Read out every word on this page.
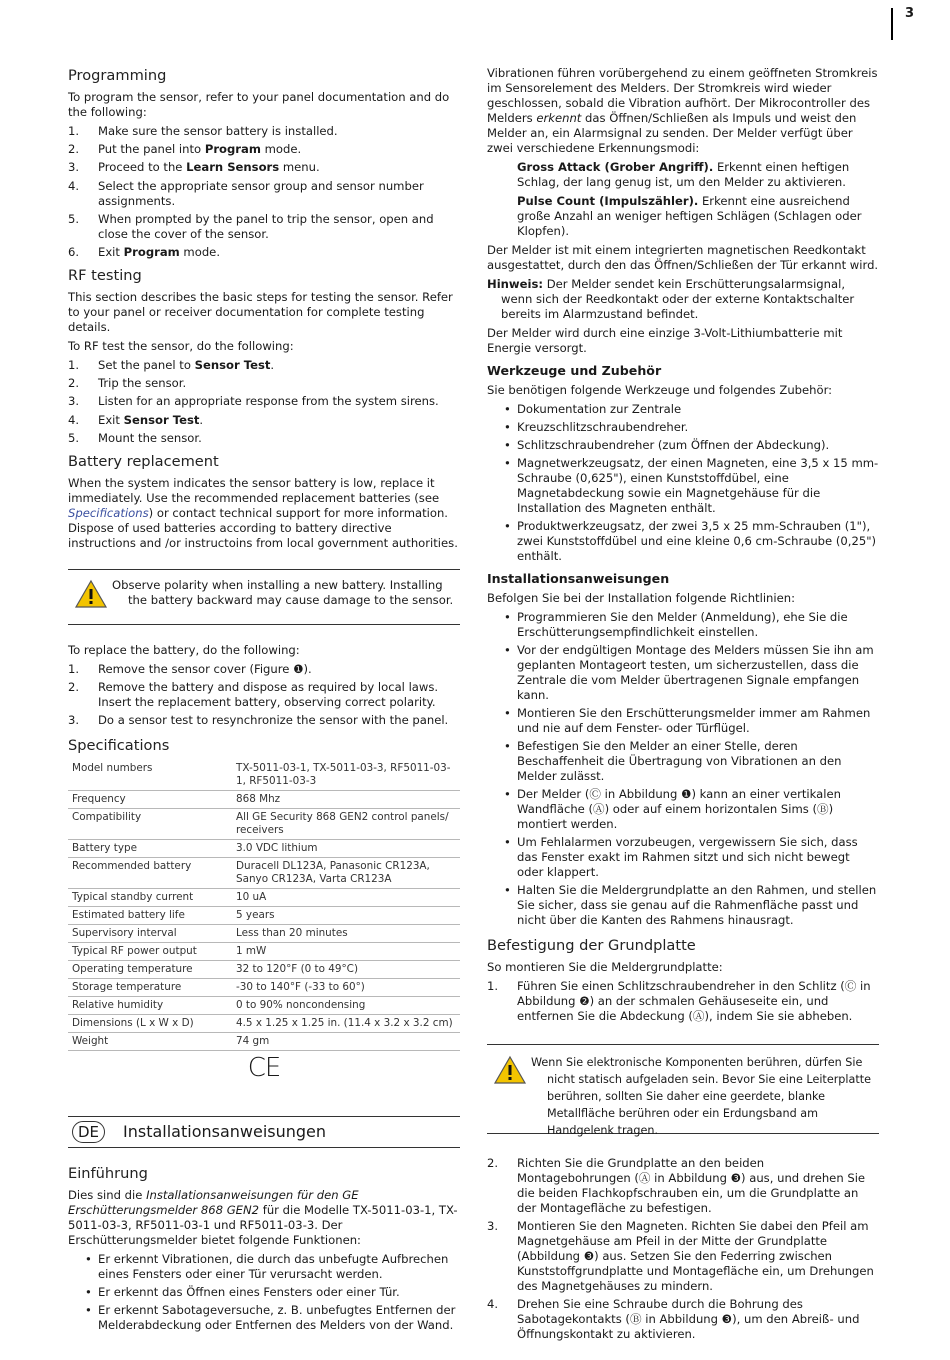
3
Programming

To program the sensor, refer to your panel documentation and do the following:

1. Make sure the sensor battery is installed.
2. Put the panel into Program mode.
3. Proceed to the Learn Sensors menu.
4. Select the appropriate sensor group and sensor number assignments.
5. When prompted by the panel to trip the sensor, open and close the cover of the sensor.
6. Exit Program mode.
RF testing

This section describes the basic steps for testing the sensor. Refer to your panel or receiver documentation for complete testing details.

To RF test the sensor, do the following:

1. Set the panel to Sensor Test.
2. Trip the sensor.
3. Listen for an appropriate response from the system sirens.
4. Exit Sensor Test.
5. Mount the sensor.
Battery replacement

When the system indicates the sensor battery is low, replace it immediately. Use the recommended replacement batteries (see Specifications) or contact technical support for more information. Dispose of used batteries according to battery directive instructions and /or instructoins from local government authorities.

Observe polarity when installing a new battery. Installing the battery backward may cause damage to the sensor.

To replace the battery, do the following:

1. Remove the sensor cover (Figure ❶).
2. Remove the battery and dispose as required by local laws. Insert the replacement battery, observing correct polarity.
3. Do a sensor test to resynchronize the sensor with the panel.
Specifications
Model numbers	TX-5011-03-1, TX-5011-03-3, RF5011-03-1, RF5011-03-3
Frequency	868 Mhz
Compatibility	All GE Security 868 GEN2 control panels/ receivers
Battery type	3.0 VDC lithium
Recommended battery	Duracell DL123A, Panasonic CR123A, Sanyo CR123A, Varta CR123A
Typical standby current	10 uA
Estimated battery life	5 years
Supervisory interval	Less than 20 minutes
Typical RF power output	1 mW
Operating temperature	32 to 120°F (0 to 49°C)
Storage temperature	-30 to 140°F (-33 to 60°)
Relative humidity	0 to 90% noncondensing
Dimensions (L x W x D)	4.5 x 1.25 x 1.25 in. (11.4 x 3.2 x 3.2 cm)
Weight	74 gm
CE
DE	Installationsanweisungen
Einführung

Dies sind die Installationsanweisungen für den GE Erschütterungsmelder 868 GEN2 für die Modelle TX-5011-03-1, TX-5011-03-3, RF5011-03-1 und RF5011-03-3. Der Erschütterungsmelder bietet folgende Funktionen:

• Er erkennt Vibrationen, die durch das unbefugte Aufbrechen eines Fensters oder einer Tür verursacht werden.
• Er erkennt das Öffnen eines Fensters oder einer Tür.
• Er erkennt Sabotageversuche, z. B. unbefugtes Entfernen der Melderabdeckung oder Entfernen des Melders von der Wand.

Vibrationen führen vorübergehend zu einem geöffneten Stromkreis im Sensorelement des Melders. Der Stromkreis wird wieder geschlossen, sobald die Vibration aufhört. Der Mikrocontroller des Melders erkennt das Öffnen/Schließen als Impuls und weist den Melder an, ein Alarmsignal zu senden. Der Melder verfügt über zwei verschiedene Erkennungsmodi:

Gross Attack (Grober Angriff). Erkennt einen heftigen Schlag, der lang genug ist, um den Melder zu aktivieren.
Pulse Count (Impulszähler). Erkennt eine ausreichend große Anzahl an weniger heftigen Schlägen (Schlagen oder Klopfen).

Der Melder ist mit einem integrierten magnetischen Reedkontakt ausgestattet, durch den das Öffnen/Schließen der Tür erkannt wird.

Hinweis: Der Melder sendet kein Erschütterungsalarmsignal, wenn sich der Reedkontakt oder der externe Kontaktschalter bereits im Alarmzustand befindet.

Der Melder wird durch eine einzige 3-Volt-Lithiumbatterie mit Energie versorgt.

Werkzeuge und Zubehör

Sie benötigen folgende Werkzeuge und folgendes Zubehör:

• Dokumentation zur Zentrale
• Kreuzschlitzschraubendreher.
• Schlitzschraubendreher (zum Öffnen der Abdeckung).
• Magnetwerkzeugsatz, der einen Magneten, eine 3,5 x 15 mm-Schraube (0,625"), einen Kunststoffdübel, eine Magnetabdeckung sowie ein Magnetgehäuse für die Installation des Magneten enthält.
• Produktwerkzeugsatz, der zwei 3,5 x 25 mm-Schrauben (1"), zwei Kunststoffdübel und eine kleine 0,6 cm-Schraube (0,25") enthält.
Installationsanweisungen

Befolgen Sie bei der Installation folgende Richtlinien:

• Programmieren Sie den Melder (Anmeldung), ehe Sie die Erschütterungsempfindlichkeit einstellen.
• Vor der endgültigen Montage des Melders müssen Sie ihn am geplanten Montageort testen, um sicherzustellen, dass die Zentrale die vom Melder übertragenen Signale empfangen kann.
• Montieren Sie den Erschütterungsmelder immer am Rahmen und nie auf dem Fenster- oder Türflügel.
• Befestigen Sie den Melder an einer Stelle, deren Beschaffenheit die Übertragung von Vibrationen an den Melder zulässt.
• Der Melder (Ⓒ in Abbildung ❶) kann an einer vertikalen Wandfläche (Ⓐ) oder auf einem horizontalen Sims (Ⓑ) montiert werden.
• Um Fehlalarmen vorzubeugen, vergewissern Sie sich, dass das Fenster exakt im Rahmen sitzt und sich nicht bewegt oder klappert.
• Halten Sie die Meldergrundplatte an den Rahmen, und stellen Sie sicher, dass sie genau auf die Rahmenfläche passt und nicht über die Kanten des Rahmens hinausragt.
Befestigung der Grundplatte

So montieren Sie die Meldergrundplatte:

1. Führen Sie einen Schlitzschraubendreher in den Schlitz (Ⓒ in Abbildung ❷) an der schmalen Gehäuseseite ein, und entfernen Sie die Abdeckung (Ⓐ), indem Sie sie abheben.
Wenn Sie elektronische Komponenten berühren, dürfen Sie nicht statisch aufgeladen sein. Bevor Sie eine Leiterplatte berühren, sollten Sie daher eine geerdete, blanke Metallfläche berühren oder ein Erdungsband am Handgelenk tragen.
2. Richten Sie die Grundplatte an den beiden Montagebohrungen (Ⓐ in Abbildung ❸) aus, und drehen Sie die beiden Flachkopfschrauben ein, um die Grundplatte an der Montagefläche zu befestigen.
3. Montieren Sie den Magneten. Richten Sie dabei den Pfeil am Magnetgehäuse am Pfeil in der Mitte der Grundplatte (Abbildung ❸) aus. Setzen Sie den Federring zwischen Kunststoffgrundplatte und Montagefläche ein, um Drehungen des Magnetgehäuses zu mindern.
4. Drehen Sie eine Schraube durch die Bohrung des Sabotagekontakts (Ⓑ in Abbildung ❸), um den Abreiß- und Öffnungskontakt zu aktivieren.
